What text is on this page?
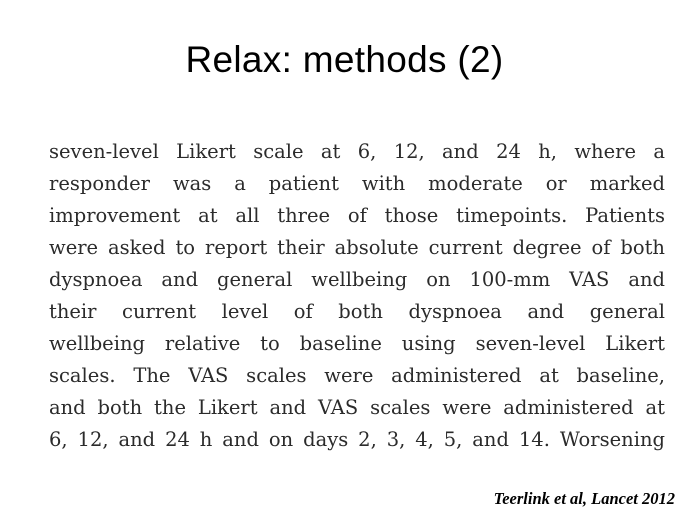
Relax: methods (2)
seven-level Likert scale at 6, 12, and 24 h, where a
responder was a patient with moderate or marked
improvement at all three of those timepoints. Patients
were asked to report their absolute current degree of both
dyspnoea and general wellbeing on 100-mm VAS and
their current level of both dyspnoea and general
wellbeing relative to baseline using seven-level Likert
scales. The VAS scales were administered at baseline,
and both the Likert and VAS scales were administered at
6, 12, and 24 h and on days 2, 3, 4, 5, and 14. Worsening
Teerlink et al, Lancet 2012
